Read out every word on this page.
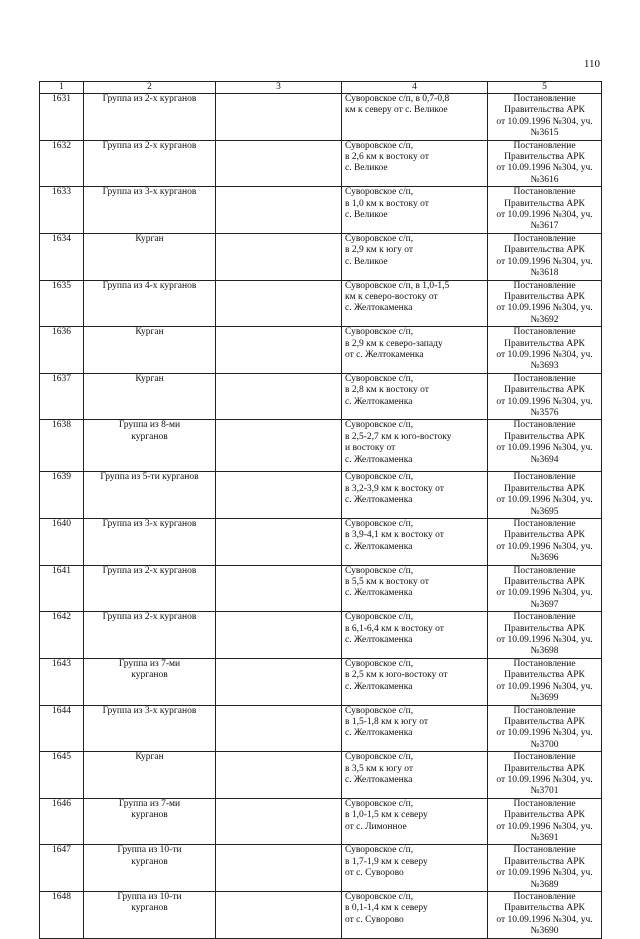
110
1	2	3	4	5
1631	Группа из 2-х курганов		Суворовское с/п, в 0,7-0,8
км к северу от с. Великое	Постановление
Правительства АРК
от 10.09.1996 №304, уч.№3615
1632	Группа из 2-х курганов		Суворовское с/п,
в 2,6 км к востоку от
с. Великое	Постановление
Правительства АРК
от 10.09.1996 №304, уч.№3616
1633	Группа из 3-х курганов		Суворовское с/п,
в 1,0 км к востоку от
с. Великое	Постановление
Правительства АРК
от 10.09.1996 №304, уч.№3617
1634	Курган		Суворовское с/п,
в 2,9 км к югу от
с. Великое	Постановление
Правительства АРК
от 10.09.1996 №304, уч.№3618
1635	Группа из 4-х курганов		Суворовское с/п, в 1,0-1,5
км к северо-востоку от
с. Желтокаменка	Постановление
Правительства АРК
от 10.09.1996 №304, уч.№3692
1636	Курган		Суворовское с/п,
в 2,9 км к северо-западу
от с. Желтокаменка	Постановление
Правительства АРК
от 10.09.1996 №304, уч.№3693
1637	Курган		Суворовское с/п,
в 2,8 км к востоку от
с. Желтокаменка	Постановление
Правительства АРК
от 10.09.1996 №304, уч.№3576
1638	Группа из 8-ми
курганов		Суворовское с/п,
в 2,5-2,7 км к юго-востоку
и востоку от
с. Желтокаменка	Постановление
Правительства АРК
от 10.09.1996 №304, уч.№3694
1639	Группа из 5-ти курганов		Суворовское с/п,
в 3,2-3,9 км к востоку от
с. Желтокаменка	Постановление
Правительства АРК
от 10.09.1996 №304, уч.№3695
1640	Группа из 3-х курганов		Суворовское с/п,
в 3,9-4,1 км к востоку от
с. Желтокаменка	Постановление
Правительства АРК
от 10.09.1996 №304, уч.№3696
1641	Группа из 2-х курганов		Суворовское с/п,
в 5,5 км к востоку от
с. Желтокаменка	Постановление
Правительства АРК
от 10.09.1996 №304, уч.№3697
1642	Группа из 2-х курганов		Суворовское с/п,
в 6,1-6,4 км к востоку от
с. Желтокаменка	Постановление
Правительства АРК
от 10.09.1996 №304, уч.№3698
1643	Группа из 7-ми
курганов		Суворовское с/п,
в 2,5 км к юго-востоку от
с. Желтокаменка	Постановление
Правительства АРК
от 10.09.1996 №304, уч.№3699
1644	Группа из 3-х курганов		Суворовское с/п,
в 1,5-1,8 км к югу от
с. Желтокаменка	Постановление
Правительства АРК
от 10.09.1996 №304, уч.№3700
1645	Курган		Суворовское с/п,
в 3,5 км к югу от
с. Желтокаменка	Постановление
Правительства АРК
от 10.09.1996 №304, уч.№3701
1646	Группа из 7-ми
курганов		Суворовское с/п,
в 1,0-1,5 км к северу
от с. Лимонное	Постановление
Правительства АРК
от 10.09.1996 №304, уч.№3691
1647	Группа из 10-ти
курганов		Суворовское с/п,
в 1,7-1,9 км к северу
от с. Суворово	Постановление
Правительства АРК
от 10.09.1996 №304, уч.№3689
1648	Группа из 10-ти
курганов		Суворовское с/п,
в 0,1-1,4 км к северу
от с. Суворово	Постановление
Правительства АРК
от 10.09.1996 №304, уч.№3690
